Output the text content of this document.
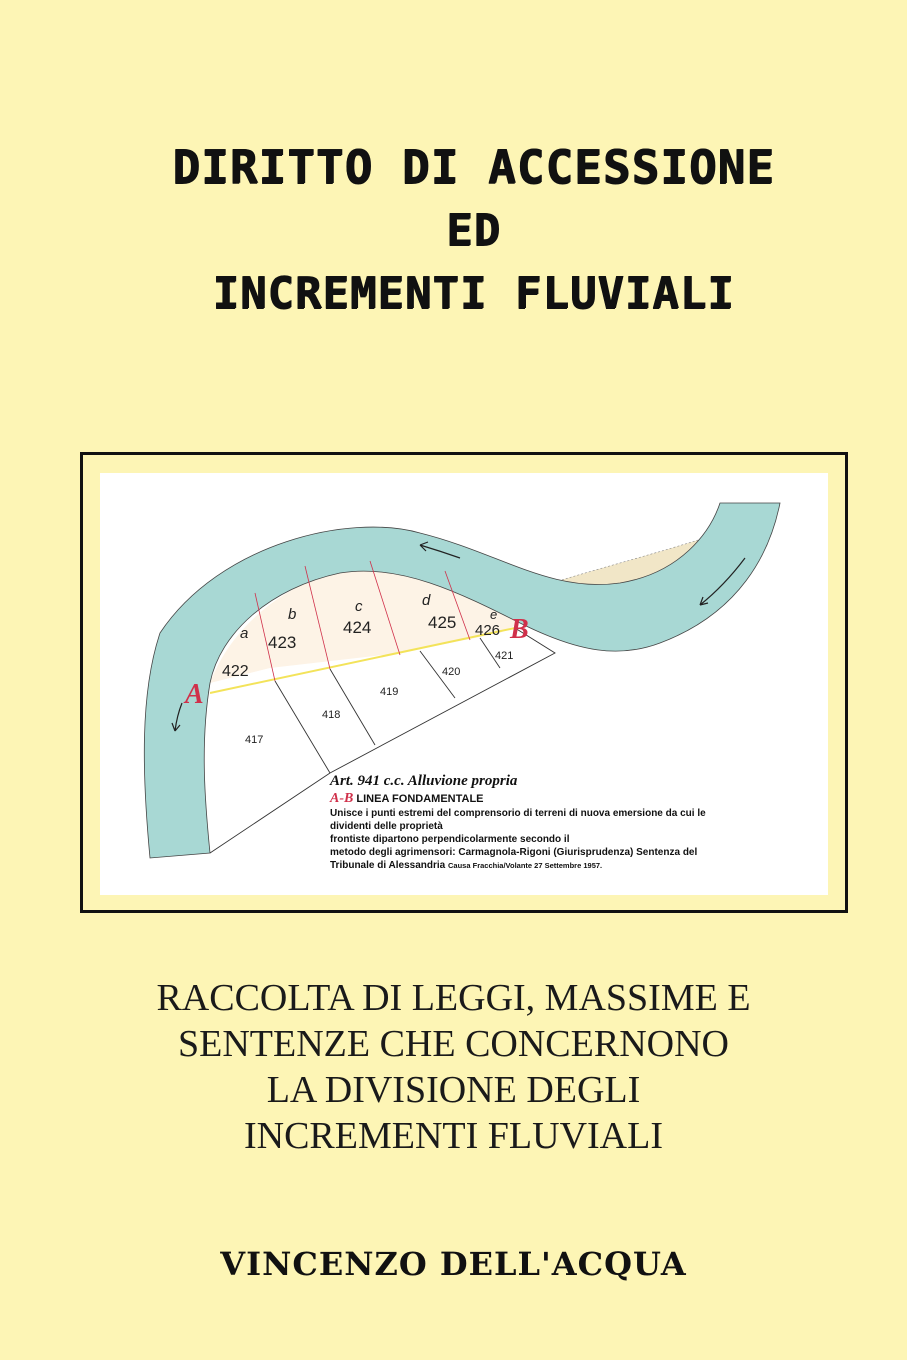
DIRITTO DI ACCESSIONE
ED
INCREMENTI FLUVIALI
a
b	c	d
e
422
423
424	425 426
421
420
419
418
417
A
B
Art. 941 c.c. Alluvione propria
A-B LINEA FONDAMENTALE
Unisce i punti estremi del comprensorio di terreni di nuova emersione da cui le
dividenti delle proprietà
frontiste dipartono perpendicolarmente secondo il
metodo degli agrimensori: Carmagnola-Rigoni (Giurisprudenza) Sentenza del
Tribunale di Alessandria Causa Fracchia/Volante 27 Settembre 1957.
RACCOLTA DI LEGGI, MASSIME E
SENTENZE CHE CONCERNONO
LA DIVISIONE DEGLI
INCREMENTI FLUVIALI
VINCENZO DELL'ACQUA
